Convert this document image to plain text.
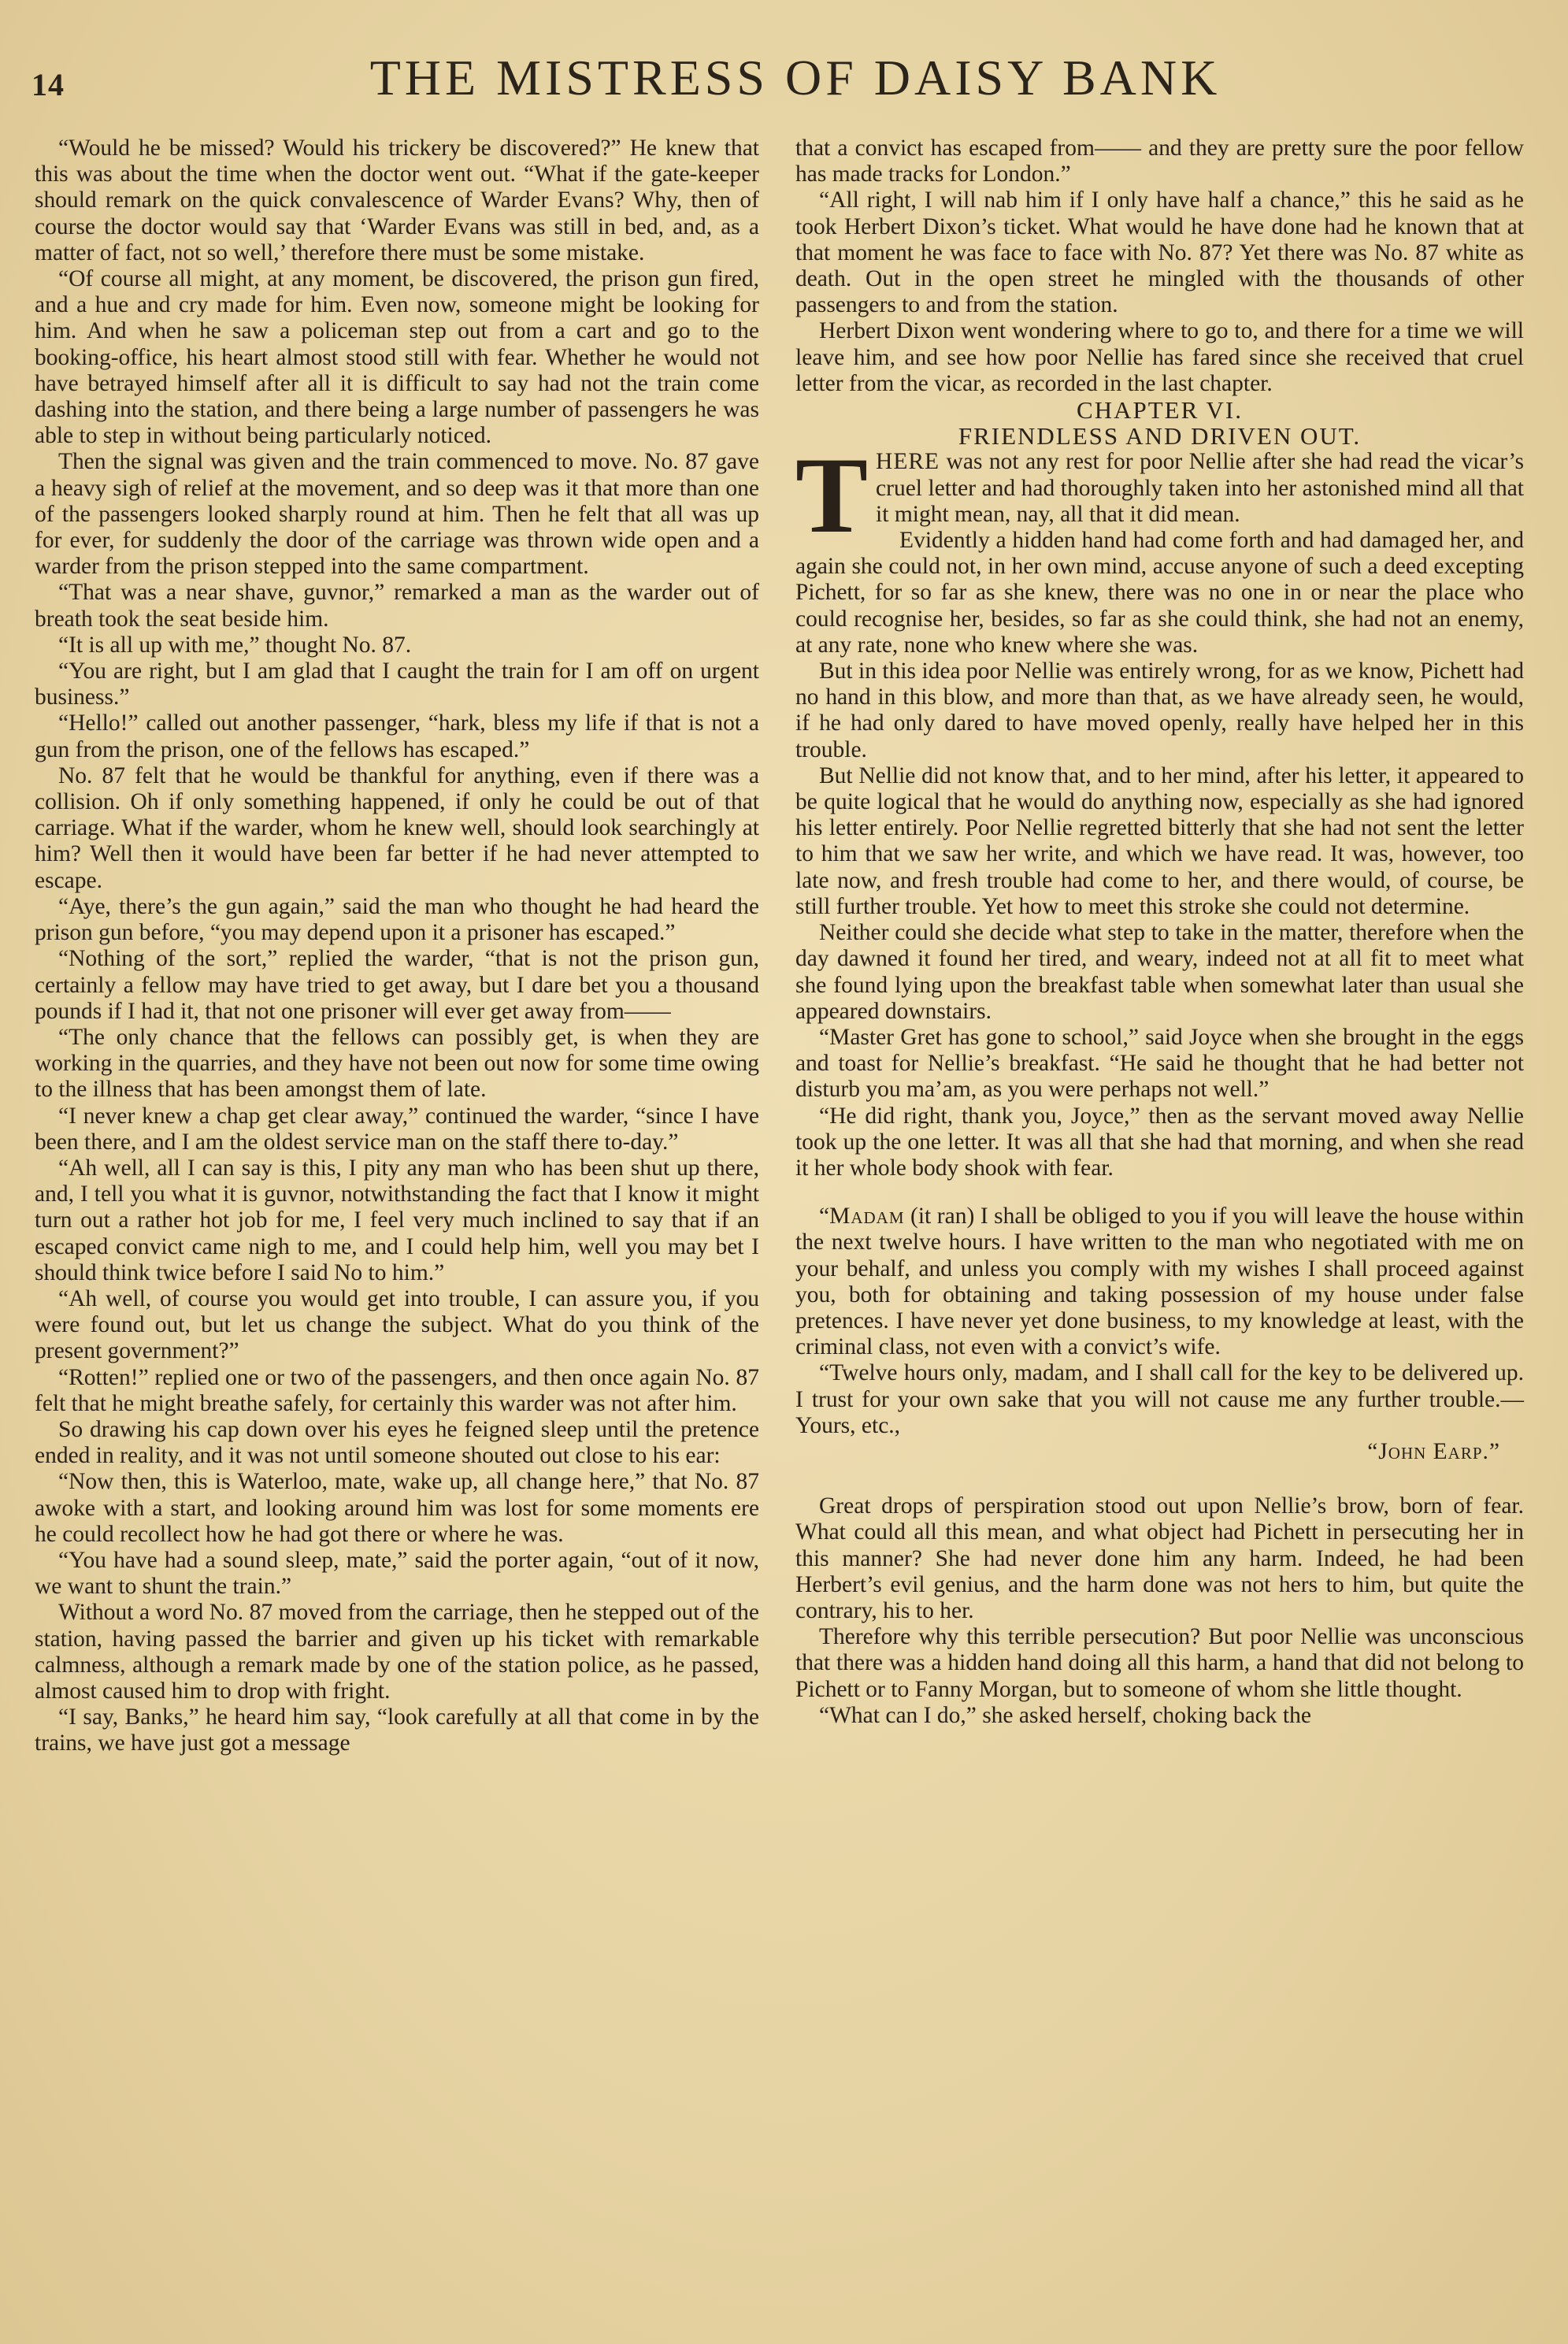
14	THE MISTRESS OF DAISY BANK

“Would he be missed? Would his trickery be discovered?” He knew that this was about the time when the doctor went out. “What if the gate-keeper should remark on the quick convalescence of Warder Evans? Why, then of course the doctor would say that ‘Warder Evans was still in bed, and, as a matter of fact, not so well,’ therefore there must be some mistake.

“Of course all might, at any moment, be discovered, the prison gun fired, and a hue and cry made for him. Even now, someone might be looking for him. And when he saw a policeman step out from a cart and go to the booking-office, his heart almost stood still with fear. Whether he would not have betrayed himself after all it is difficult to say had not the train come dashing into the station, and there being a large number of passengers he was able to step in without being particularly noticed.

Then the signal was given and the train commenced to move. No. 87 gave a heavy sigh of relief at the movement, and so deep was it that more than one of the passengers looked sharply round at him. Then he felt that all was up for ever, for suddenly the door of the carriage was thrown wide open and a warder from the prison stepped into the same compartment.

“That was a near shave, guvnor,” remarked a man as the warder out of breath took the seat beside him.

“It is all up with me,” thought No. 87.

“You are right, but I am glad that I caught the train for I am off on urgent business.”

“Hello!” called out another passenger, “hark, bless my life if that is not a gun from the prison, one of the fellows has escaped.”

No. 87 felt that he would be thankful for anything, even if there was a collision. Oh if only something happened, if only he could be out of that carriage. What if the warder, whom he knew well, should look searchingly at him? Well then it would have been far better if he had never attempted to escape.

“Aye, there’s the gun again,” said the man who thought he had heard the prison gun before, “you may depend upon it a prisoner has escaped.”

“Nothing of the sort,” replied the warder, “that is not the prison gun, certainly a fellow may have tried to get away, but I dare bet you a thousand pounds if I had it, that not one prisoner will ever get away from——

“The only chance that the fellows can possibly get, is when they are working in the quarries, and they have not been out now for some time owing to the illness that has been amongst them of late.

“I never knew a chap get clear away,” continued the warder, “since I have been there, and I am the oldest service man on the staff there to-day.”

“Ah well, all I can say is this, I pity any man who has been shut up there, and, I tell you what it is guvnor, notwithstanding the fact that I know it might turn out a rather hot job for me, I feel very much inclined to say that if an escaped convict came nigh to me, and I could help him, well you may bet I should think twice before I said No to him.”

“Ah well, of course you would get into trouble, I can assure you, if you were found out, but let us change the subject. What do you think of the present government?”

“Rotten!” replied one or two of the passengers, and then once again No. 87 felt that he might breathe safely, for certainly this warder was not after him.

So drawing his cap down over his eyes he feigned sleep until the pretence ended in reality, and it was not until someone shouted out close to his ear:

“Now then, this is Waterloo, mate, wake up, all change here,” that No. 87 awoke with a start, and looking around him was lost for some moments ere he could recollect how he had got there or where he was.

“You have had a sound sleep, mate,” said the porter again, “out of it now, we want to shunt the train.”

Without a word No. 87 moved from the carriage, then he stepped out of the station, having passed the barrier and given up his ticket with remarkable calmness, although a remark made by one of the station police, as he passed, almost caused him to drop with fright.

“I say, Banks,” he heard him say, “look carefully at all that come in by the trains, we have just got a message

that a convict has escaped from—— and they are pretty sure the poor fellow has made tracks for London.”

“All right, I will nab him if I only have half a chance,” this he said as he took Herbert Dixon’s ticket. What would he have done had he known that at that moment he was face to face with No. 87? Yet there was No. 87 white as death. Out in the open street he mingled with the thousands of other passengers to and from the station.

Herbert Dixon went wondering where to go to, and there for a time we will leave him, and see how poor Nellie has fared since she received that cruel letter from the vicar, as recorded in the last chapter.

CHAPTER VI.

FRIENDLESS AND DRIVEN OUT.

THERE was not any rest for poor Nellie after she had read the vicar’s cruel letter and had thoroughly taken into her astonished mind all that it might mean, nay, all that it did mean.

Evidently a hidden hand had come forth and had damaged her, and again she could not, in her own mind, accuse anyone of such a deed excepting Pichett, for so far as she knew, there was no one in or near the place who could recognise her, besides, so far as she could think, she had not an enemy, at any rate, none who knew where she was.

But in this idea poor Nellie was entirely wrong, for as we know, Pichett had no hand in this blow, and more than that, as we have already seen, he would, if he had only dared to have moved openly, really have helped her in this trouble.

But Nellie did not know that, and to her mind, after his letter, it appeared to be quite logical that he would do anything now, especially as she had ignored his letter entirely. Poor Nellie regretted bitterly that she had not sent the letter to him that we saw her write, and which we have read. It was, however, too late now, and fresh trouble had come to her, and there would, of course, be still further trouble. Yet how to meet this stroke she could not determine.

Neither could she decide what step to take in the matter, therefore when the day dawned it found her tired, and weary, indeed not at all fit to meet what she found lying upon the breakfast table when somewhat later than usual she appeared downstairs.

“Master Gret has gone to school,” said Joyce when she brought in the eggs and toast for Nellie’s breakfast. “He said he thought that he had better not disturb you ma’am, as you were perhaps not well.”

“He did right, thank you, Joyce,” then as the servant moved away Nellie took up the one letter. It was all that she had that morning, and when she read it her whole body shook with fear.

“Madam (it ran) I shall be obliged to you if you will leave the house within the next twelve hours. I have written to the man who negotiated with me on your behalf, and unless you comply with my wishes I shall proceed against you, both for obtaining and taking possession of my house under false pretences. I have never yet done business, to my knowledge at least, with the criminal class, not even with a convict’s wife.

“Twelve hours only, madam, and I shall call for the key to be delivered up. I trust for your own sake that you will not cause me any further trouble.—Yours, etc.,

“John Earp.”

Great drops of perspiration stood out upon Nellie’s brow, born of fear. What could all this mean, and what object had Pichett in persecuting her in this manner? She had never done him any harm. Indeed, he had been Herbert’s evil genius, and the harm done was not hers to him, but quite the contrary, his to her.

Therefore why this terrible persecution? But poor Nellie was unconscious that there was a hidden hand doing all this harm, a hand that did not belong to Pichett or to Fanny Morgan, but to someone of whom she little thought.

“What can I do,” she asked herself, choking back the
